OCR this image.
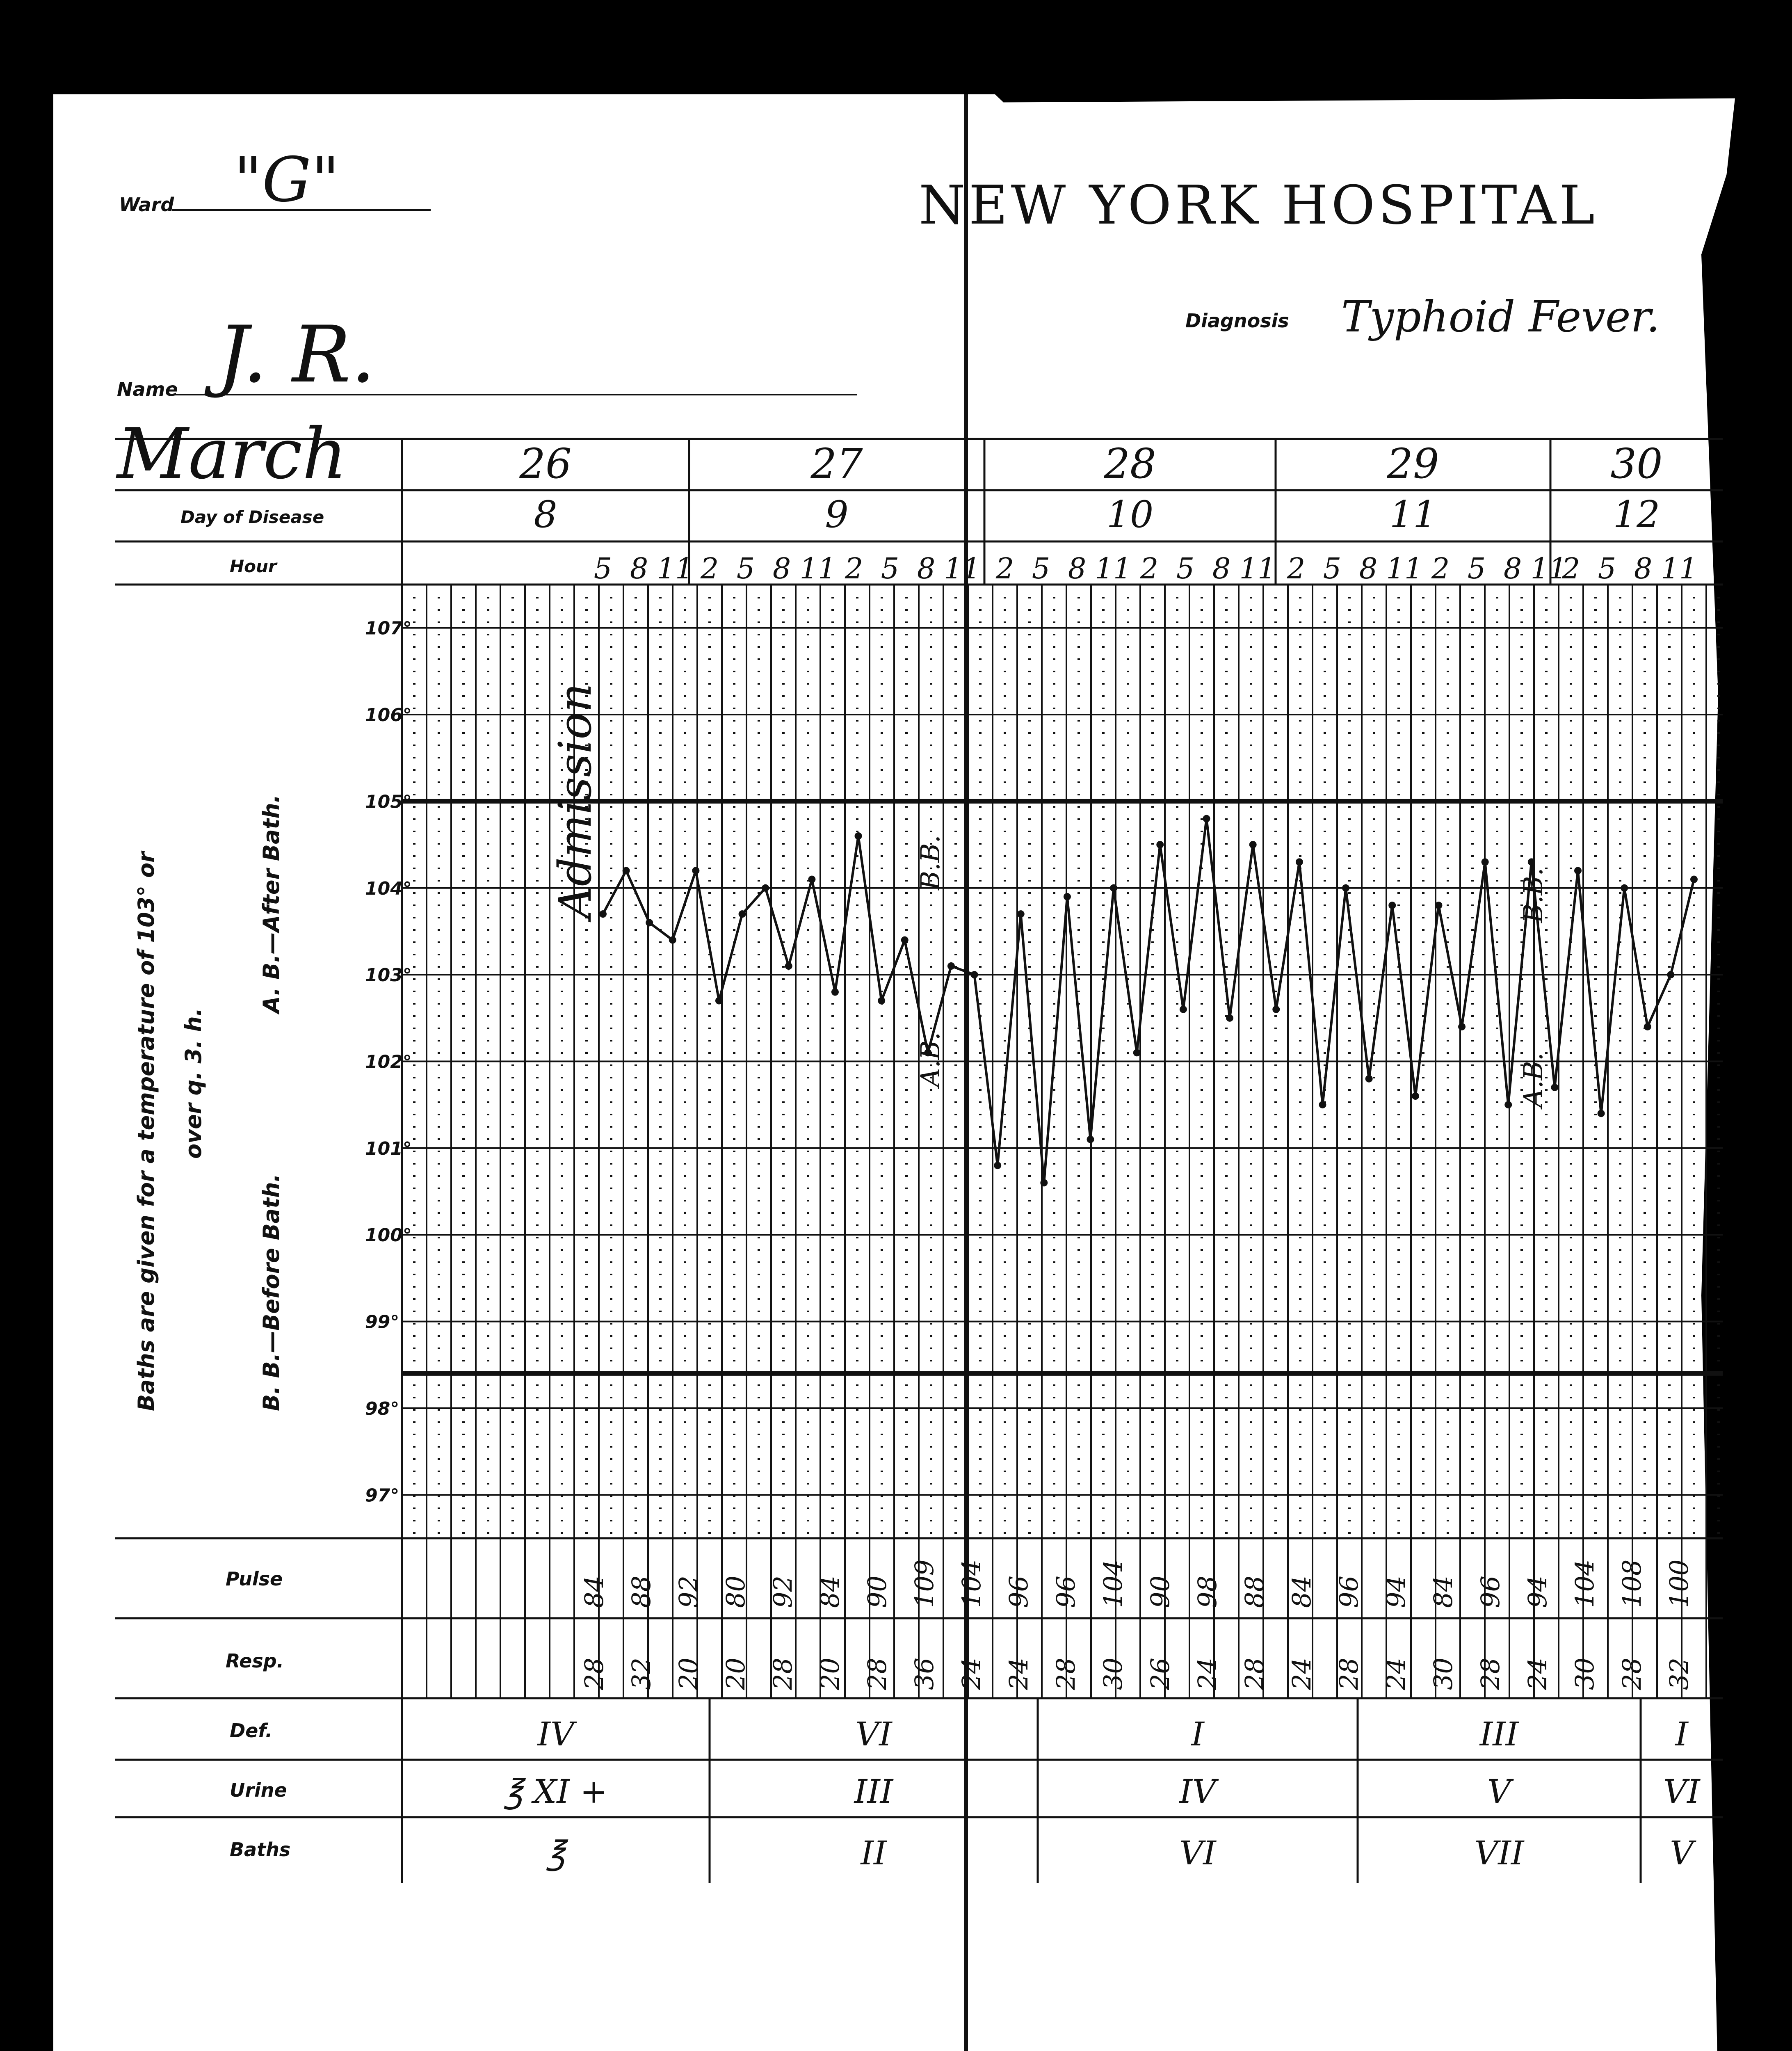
107°
106°
105°
104°
103°
102°
101°
100°
99°
98°
97°
26
8
5 8 11
IV
℥ XI +
℥
27
9
2 5 8 11 2 5 8 11
VI
III
II
28
10
2 5 8 11 2 5 8 11
I
IV
VI
29
11
2 5 8 11 2 5 8 11
III
V
VII
30
12
2 5 8 11
I
VI
V
A.B.
B.B.
A.B.
B.B.
84 88 92 80 92 84 90 109 104 96 96 104 90 98 88 84 96 94 84 96 94 104 108 100
28 32 20 20 28 20 28 36 24 24 28 30 26 24 28 24 28 24 30 28 24 30 28 32
Ward "G"	NEW YORK HOSPITAL
Diagnosis Typhoid Fever.
Name J. R.
March
Day of Disease
Hour
Pulse
Resp.
Def.
Urine
Baths
Baths are given for a temperature of 103° or over q. 3. h.
A. B.—After Bath.
B. B.—Before Bath.
Admission
